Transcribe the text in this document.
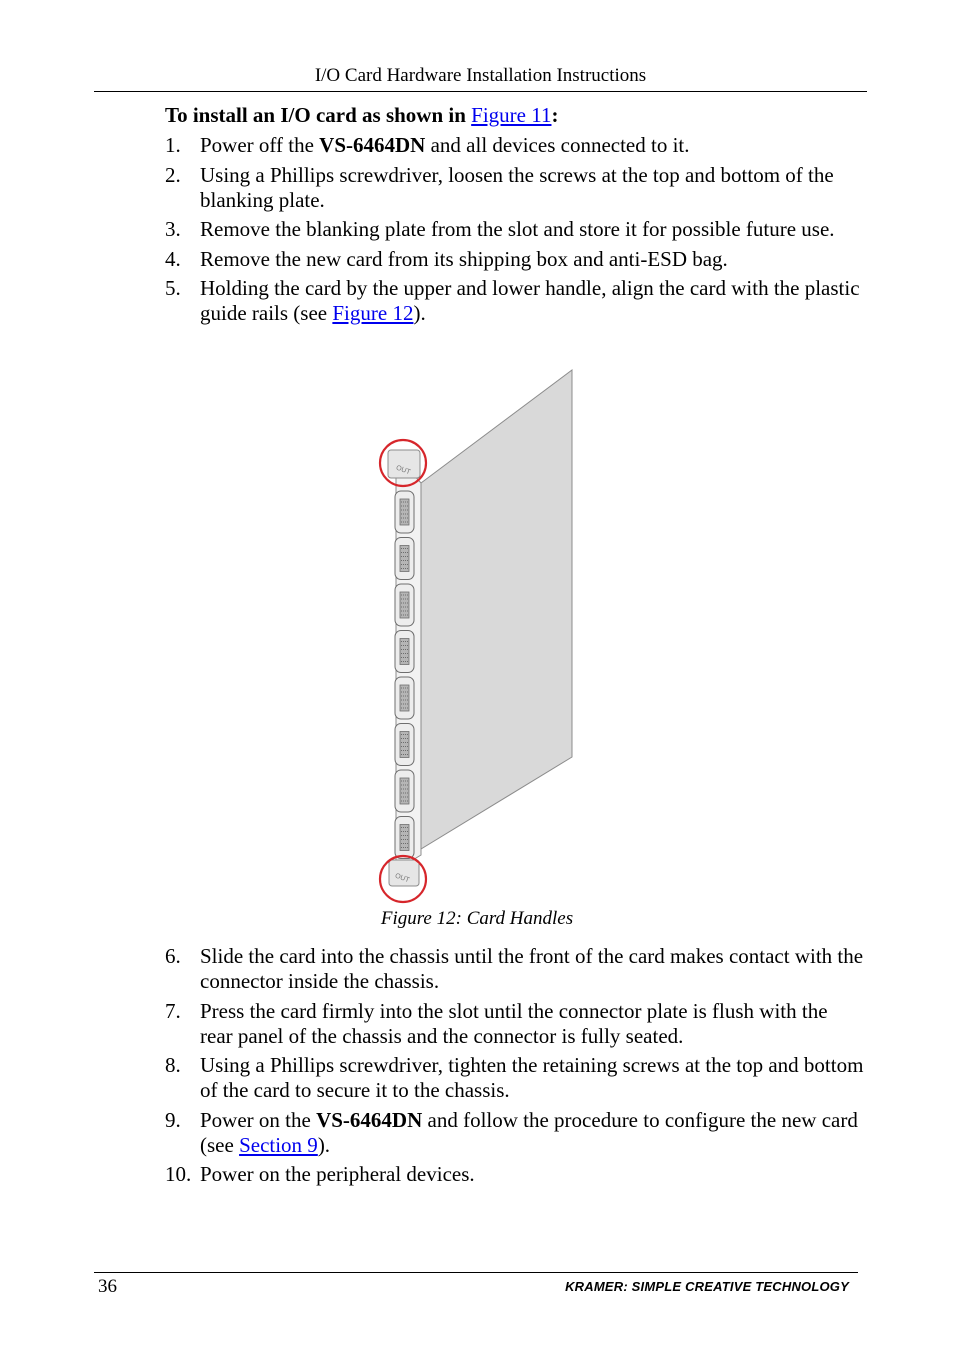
I/O Card Hardware Installation Instructions
To install an I/O card as shown in Figure 11:
1. Power off the VS-6464DN and all devices connected to it.
2. Using a Phillips screwdriver, loosen the screws at the top and bottom of the blanking plate.
3. Remove the blanking plate from the slot and store it for possible future use.
4. Remove the new card from its shipping box and anti-ESD bag.
5. Holding the card by the upper and lower handle, align the card with the plastic guide rails (see Figure 12).
OUT
OUT
Figure 12: Card Handles
6. Slide the card into the chassis until the front of the card makes contact with the connector inside the chassis.
7. Press the card firmly into the slot until the connector plate is flush with the rear panel of the chassis and the connector is fully seated.
8. Using a Phillips screwdriver, tighten the retaining screws at the top and bottom of the card to secure it to the chassis.
9. Power on the VS-6464DN and follow the procedure to configure the new card (see Section 9).
10. Power on the peripheral devices.
36	KRAMER: SIMPLE CREATIVE TECHNOLOGY
